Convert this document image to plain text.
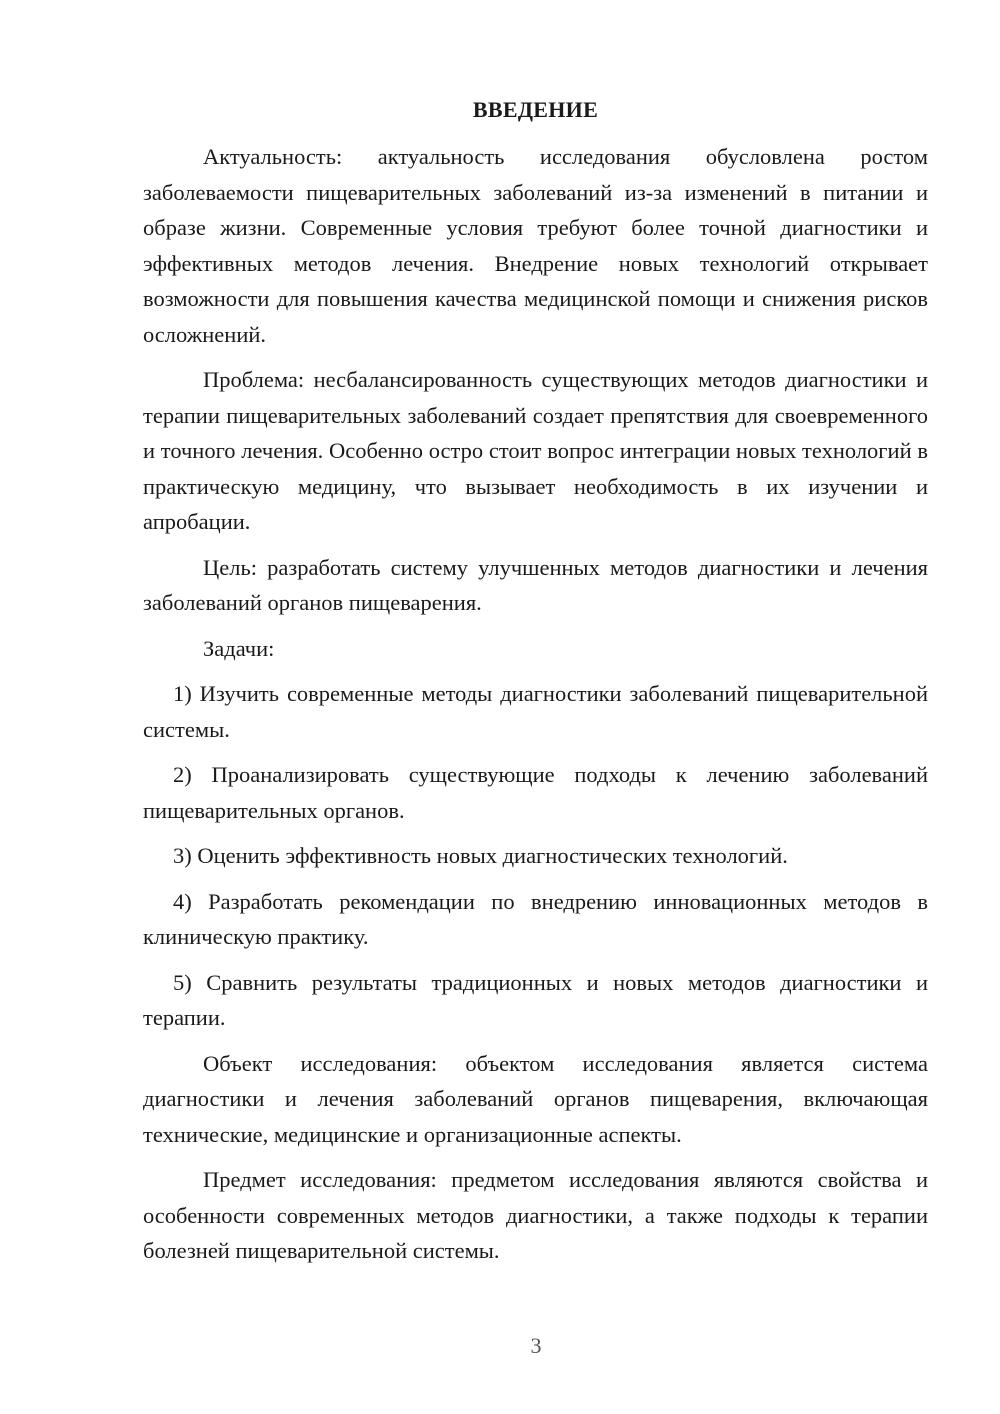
ВВЕДЕНИЕ

Актуальность: актуальность исследования обусловлена ростом заболеваемости пищеварительных заболеваний из-за изменений в питании и образе жизни. Современные условия требуют более точной диагностики и эффективных методов лечения. Внедрение новых технологий открывает возможности для повышения качества медицинской помощи и снижения рисков осложнений.

Проблема: несбалансированность существующих методов диагностики и терапии пищеварительных заболеваний создает препятствия для своевременного и точного лечения. Особенно остро стоит вопрос интеграции новых технологий в практическую медицину, что вызывает необходимость в их изучении и апробации.

Цель: разработать систему улучшенных методов диагностики и лечения заболеваний органов пищеварения.

Задачи:

1) Изучить современные методы диагностики заболеваний пищеварительной системы.

2) Проанализировать существующие подходы к лечению заболеваний пищеварительных органов.

3) Оценить эффективность новых диагностических технологий.

4) Разработать рекомендации по внедрению инновационных методов в клиническую практику.

5) Сравнить результаты традиционных и новых методов диагностики и терапии.

Объект исследования: объектом исследования является система диагностики и лечения заболеваний органов пищеварения, включающая технические, медицинские и организационные аспекты.

Предмет исследования: предметом исследования являются свойства и особенности современных методов диагностики, а также подходы к терапии болезней пищеварительной системы.

3
